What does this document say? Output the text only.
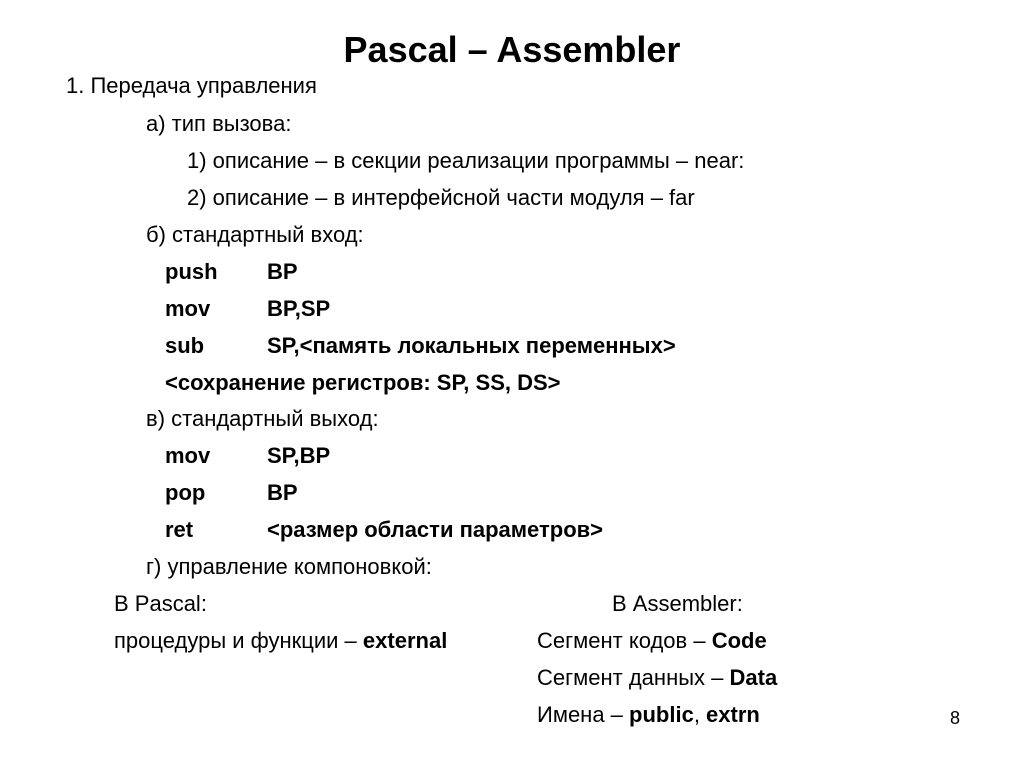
Pascal – Assembler
1. Передача управления
а) тип вызова:
1) описание – в секции реализации программы – near:
2) описание – в интерфейсной части модуля – far
б) стандартный вход:
push BP
mov	BP,SP
sub	SP,<память локальных переменных>
<сохранение регистров: SP, SS, DS>
в) стандартный выход:
mov	SP,BP
pop	BP
ret	<размер области параметров>
г) управление компоновкой:
В Pascal:	В Assembler:
процедуры и функции – external	Сегмент кодов – Code
Сегмент данных – Data
Имена – public, extrn	8
